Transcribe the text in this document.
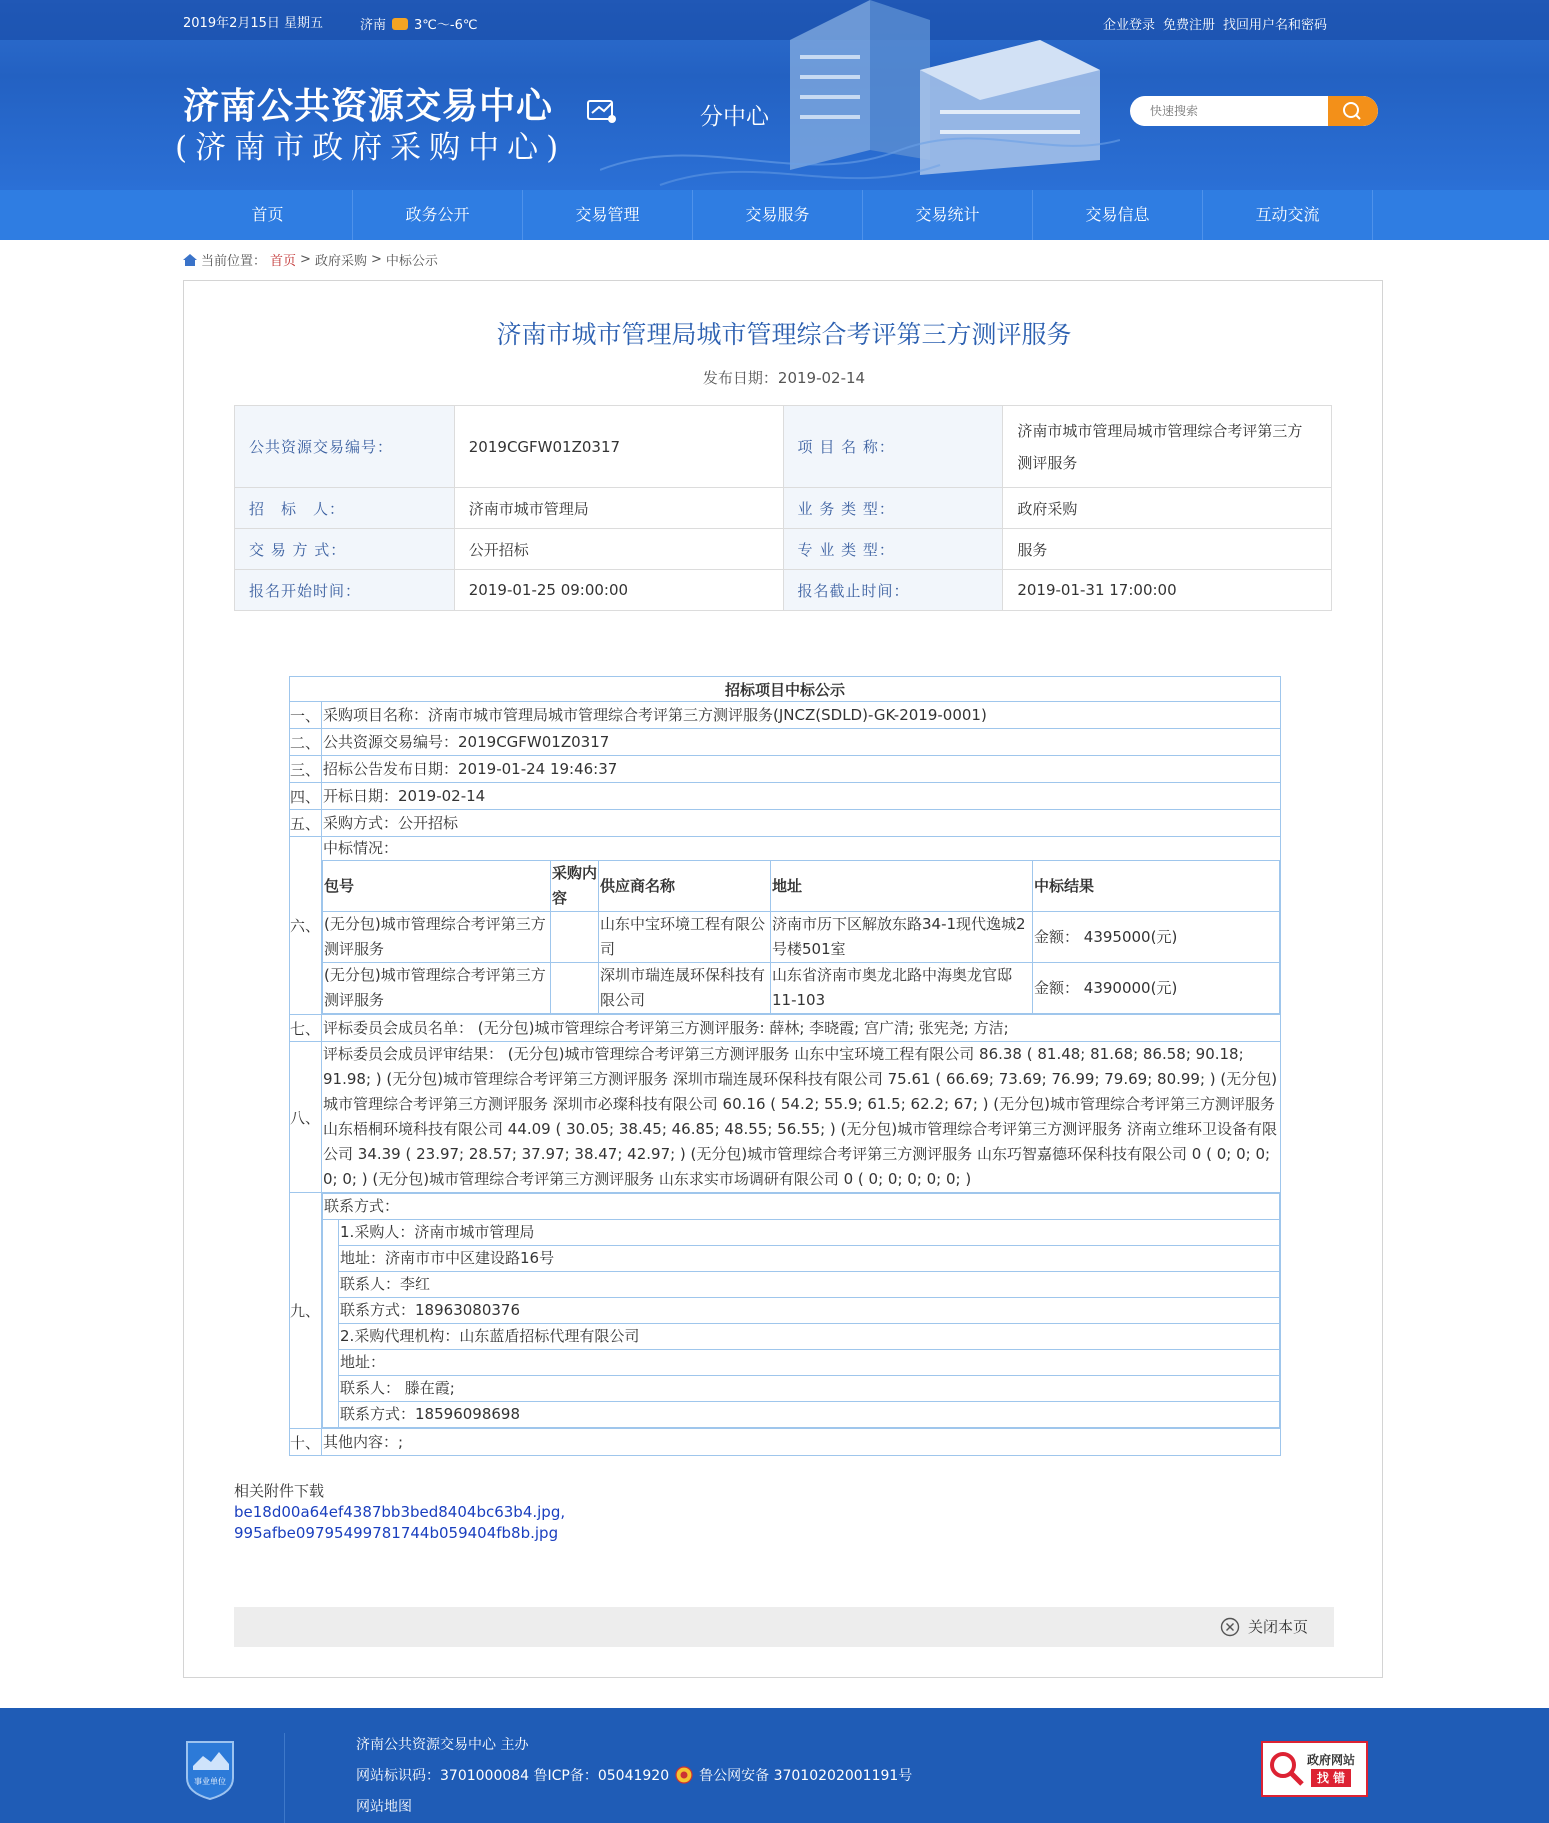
2019年2月15日 星期五	济南 3℃～-6℃	企业登录 免费注册 找回用户名和密码
济南公共资源交易中心
(济南市政府采购中心)
分中心
快速搜索
首页	政务公开	交易管理	交易服务	交易统计	交易信息	互动交流
当前位置： 首页 > 政府采购 > 中标公示
济南市城市管理局城市管理综合考评第三方测评服务
发布日期：2019-02-14
公共资源交易编号：	2019CGFW01Z0317	项 目 名 称：	济南市城市管理局城市管理综合考评第三方测评服务
招　标　人：	济南市城市管理局	业 务 类 型：	政府采购
交 易 方 式：	公开招标	专 业 类 型：	服务
报名开始时间：	2019-01-25 09:00:00	报名截止时间：	2019-01-31 17:00:00
招标项目中标公示
一、	采购项目名称：济南市城市管理局城市管理综合考评第三方测评服务(JNCZ(SDLD)-GK-2019-0001)
二、	公共资源交易编号：2019CGFW01Z0317
三、	招标公告发布日期：2019-01-24 19:46:37
四、	开标日期：2019-02-14
五、	采购方式：公开招标
六、	
中标情况：
包号	采购内容	供应商名称	地址	中标结果
(无分包)城市管理综合考评第三方测评服务		山东中宝环境工程有限公司	济南市历下区解放东路34-1现代逸城2号楼501室	金额： 4395000(元)
(无分包)城市管理综合考评第三方测评服务		深圳市瑞连晟环保科技有限公司	山东省济南市奥龙北路中海奥龙官邸11-103	金额： 4390000(元)

七、	评标委员会成员名单： (无分包)城市管理综合考评第三方测评服务: 薛林; 李晓霞; 宫广清; 张宪尧; 方洁;
八、	评标委员会成员评审结果： (无分包)城市管理综合考评第三方测评服务 山东中宝环境工程有限公司 86.38 ( 81.48; 81.68; 86.58; 90.18; 91.98; ) (无分包)城市管理综合考评第三方测评服务 深圳市瑞连晟环保科技有限公司 75.61 ( 66.69; 73.69; 76.99; 79.69; 80.99; ) (无分包)城市管理综合考评第三方测评服务 深圳市必璨科技有限公司 60.16 ( 54.2; 55.9; 61.5; 62.2; 67; ) (无分包)城市管理综合考评第三方测评服务 山东梧桐环境科技有限公司 44.09 ( 30.05; 38.45; 46.85; 48.55; 56.55; ) (无分包)城市管理综合考评第三方测评服务 济南立维环卫设备有限公司 34.39 ( 23.97; 28.57; 37.97; 38.47; 42.97; ) (无分包)城市管理综合考评第三方测评服务 山东巧智嘉德环保科技有限公司 0 ( 0; 0; 0; 0; 0; ) (无分包)城市管理综合考评第三方测评服务 山东求实市场调研有限公司 0 ( 0; 0; 0; 0; 0; )
九、	
联系方式：
	1.采购人：济南市城市管理局
	地址：济南市市中区建设路16号
	联系人：李红
	联系方式：18963080376
	2.采购代理机构：山东蓝盾招标代理有限公司
	地址：
	联系人： 滕在霞;
	联系方式：18596098698

十、	其他内容：;
相关附件下载
be18d00a64ef4387bb3bed8404bc63b4.jpg,
995afbe09795499781744b059404fb8b.jpg
关闭本页
事业单位
济南公共资源交易中心 主办
网站标识码：3701000084 鲁ICP备：05041920 鲁公网安备 37010202001191号
网站地图
政府网站
找 错
